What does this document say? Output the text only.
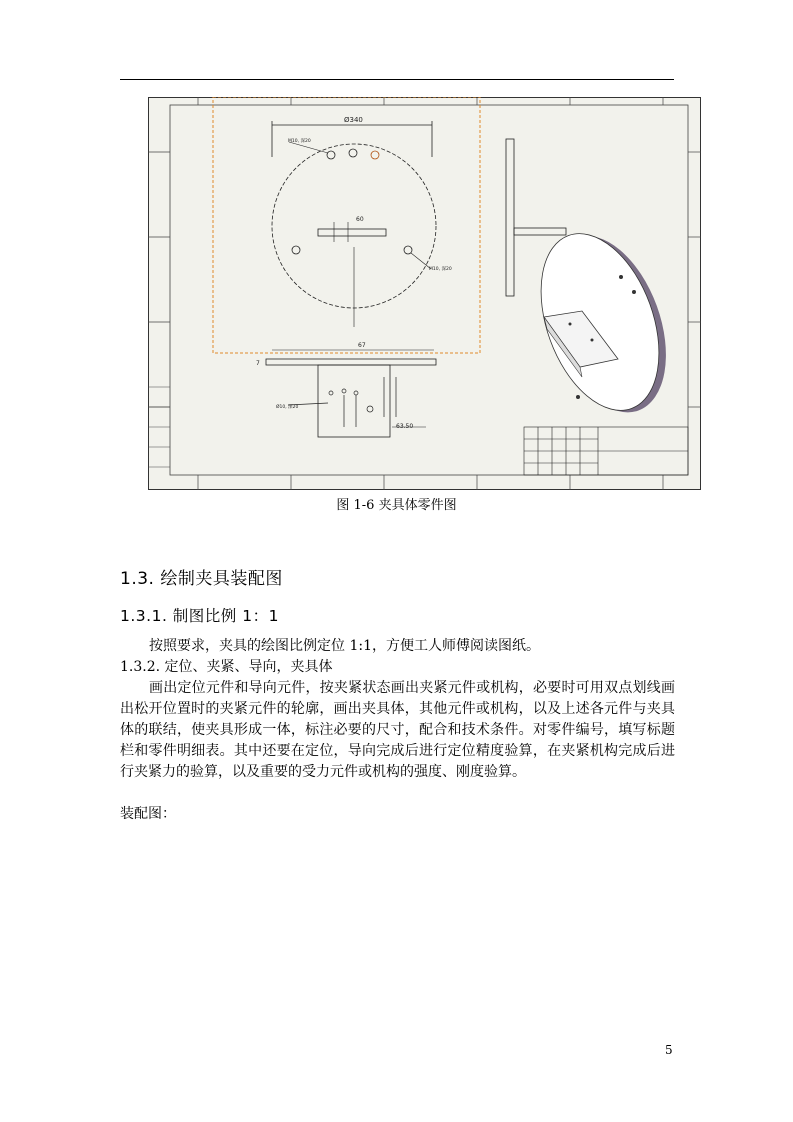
Ø340
M10, 深20
M10, 深20
60
67
Ø10, 深20
63.50
7
图 1-6 夹具体零件图
1.3. 绘制夹具装配图
1.3.1. 制图比例 1：1
按照要求，夹具的绘图比例定位 1:1，方便工人师傅阅读图纸。
1.3.2. 定位、夹紧、导向，夹具体
画出定位元件和导向元件，按夹紧状态画出夹紧元件或机构，必要时可用双点划线画出松开位置时的夹紧元件的轮廓，画出夹具体，其他元件或机构，以及上述各元件与夹具体的联结，使夹具形成一体，标注必要的尺寸，配合和技术条件。对零件编号，填写标题栏和零件明细表。其中还要在定位，导向完成后进行定位精度验算，在夹紧机构完成后进行夹紧力的验算，以及重要的受力元件或机构的强度、刚度验算。
装配图：
5
